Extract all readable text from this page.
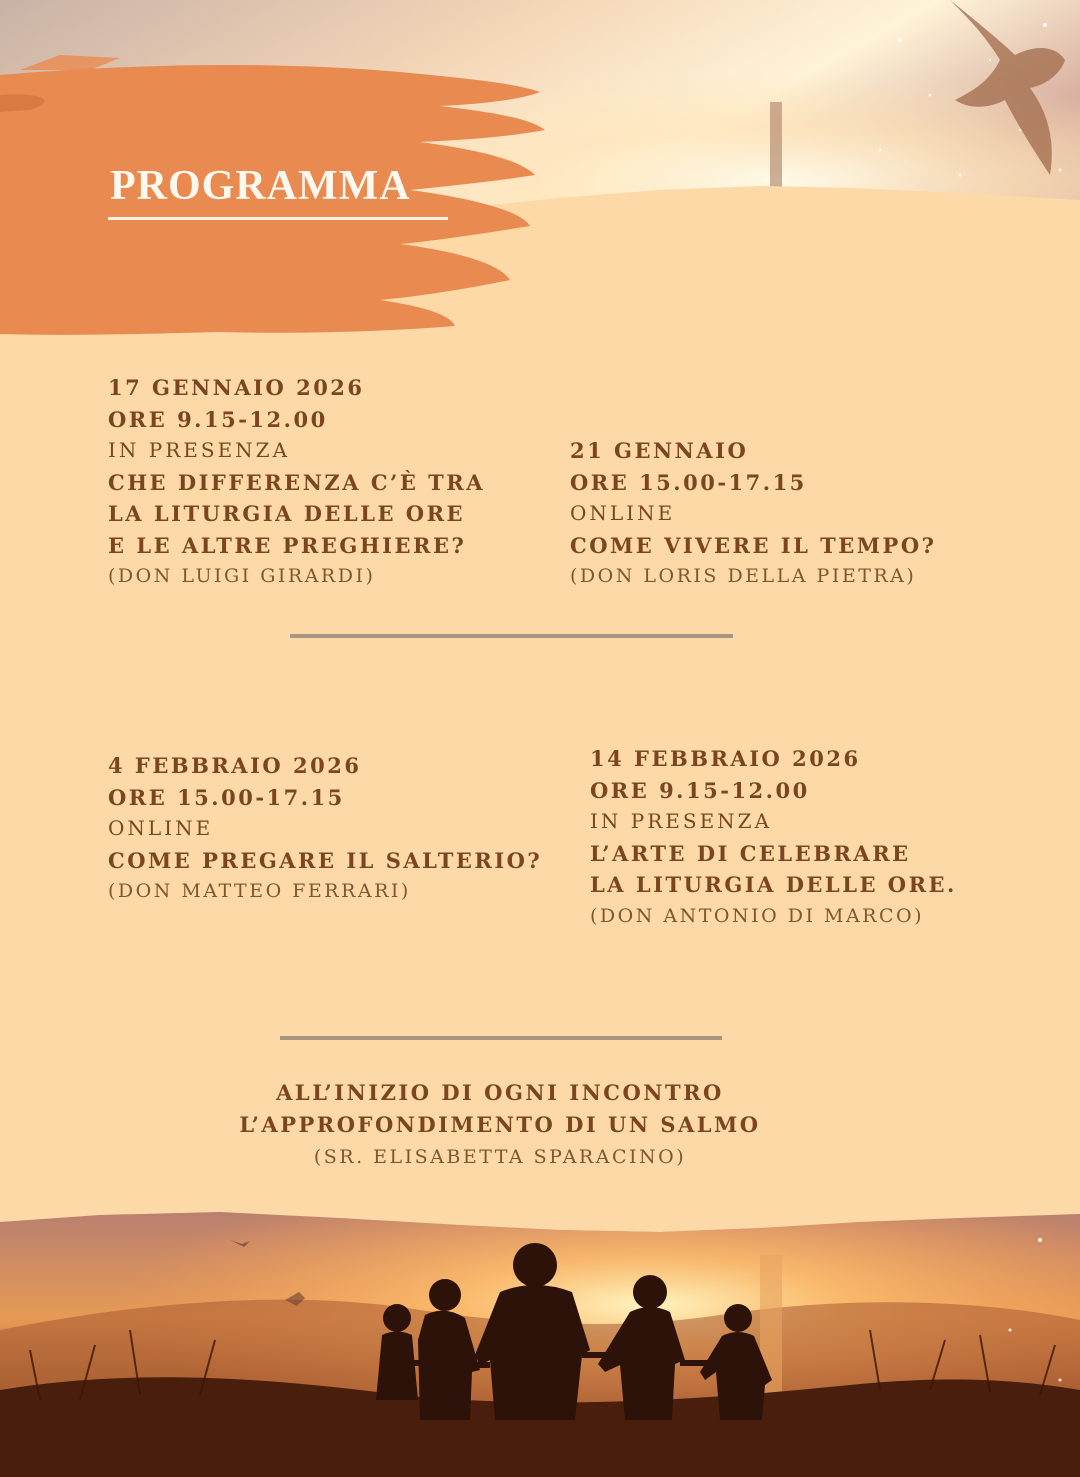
PROGRAMMA
17 GENNAIO 2026
ORE 9.15-12.00
IN PRESENZA
CHE DIFFERENZA C’È TRA
LA LITURGIA DELLE ORE
E LE ALTRE PREGHIERE?
(DON LUIGI GIRARDI)
21 GENNAIO
ORE 15.00-17.15
ONLINE
COME VIVERE IL TEMPO?
(DON LORIS DELLA PIETRA)
4 FEBBRAIO 2026
ORE 15.00-17.15
ONLINE
COME PREGARE IL SALTERIO?
(DON MATTEO FERRARI)
14 FEBBRAIO 2026
ORE 9.15-12.00
IN PRESENZA
L’ARTE DI CELEBRARE
LA LITURGIA DELLE ORE.
(DON ANTONIO DI MARCO)
ALL’INIZIO DI OGNI INCONTRO
L’APPROFONDIMENTO DI UN SALMO
(SR. ELISABETTA SPARACINO)
